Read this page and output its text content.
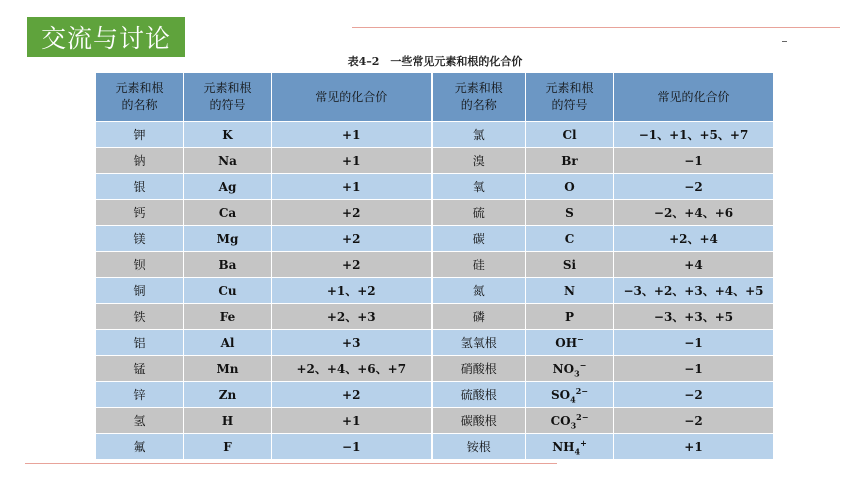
交流与讨论
表4–2　一些常见元素和根的化合价
元素和根的名称	元素和根的符号	常见的化合价	元素和根的名称	元素和根的符号	常见的化合价
钾	K	+1	氯	Cl	−1、+1、+5、+7
钠	Na	+1	溴	Br	−1
银	Ag	+1	氧	O	−2
钙	Ca	+2	硫	S	−2、+4、+6
镁	Mg	+2	碳	C	+2、+4
钡	Ba	+2	硅	Si	+4
铜	Cu	+1、+2	氮	N	−3、+2、+3、+4、+5
铁	Fe	+2、+3	磷	P	−3、+3、+5
铝	Al	+3	氢氧根	OH−	−1
锰	Mn	+2、+4、+6、+7	硝酸根	$NO_3^-$	−1
锌	Zn	+2	硫酸根	$SO_4^{2-}$	−2
氢	H	+1	碳酸根	$CO_3^{2-}$	−2
氟	F	−1	铵根	$NH_4^+$	+1
